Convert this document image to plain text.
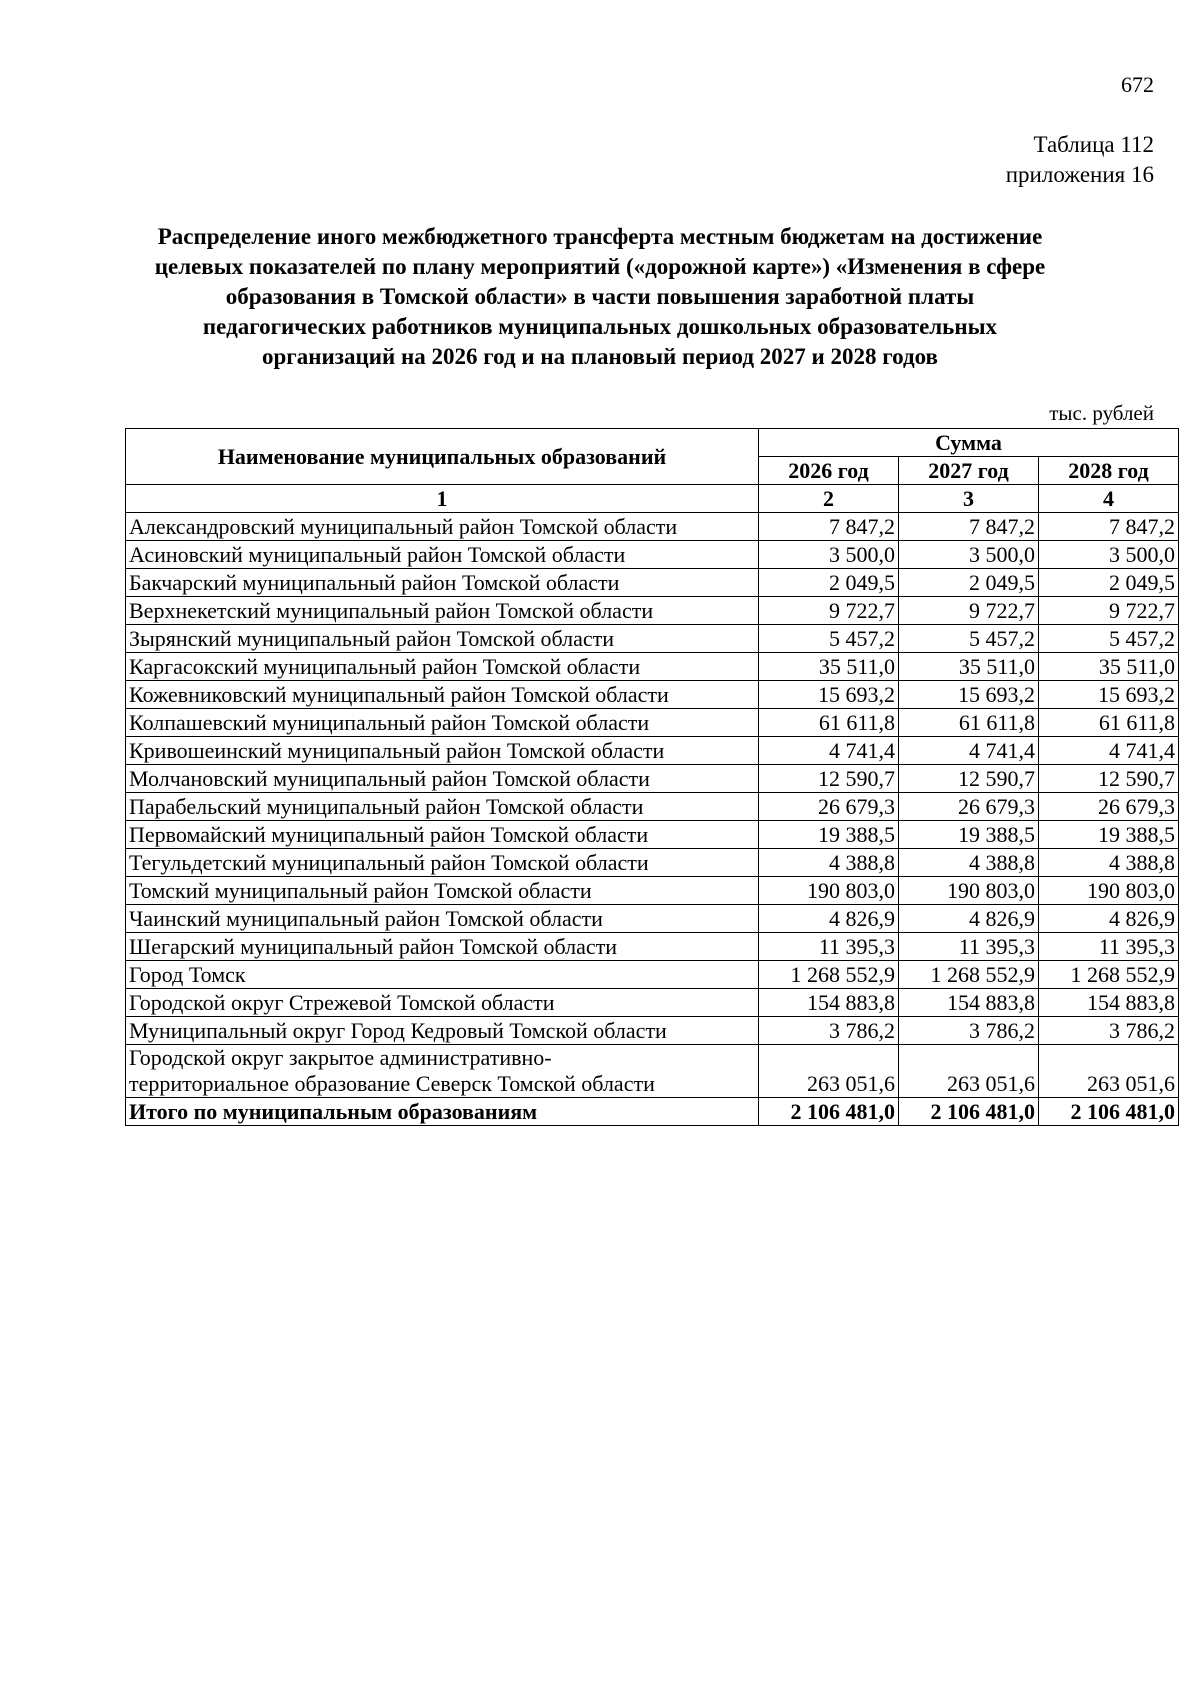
672
Таблица 112
приложения 16
Распределение иного межбюджетного трансферта местным бюджетам на достижение
целевых показателей по плану мероприятий («дорожной карте») «Изменения в сфере
образования в Томской области» в части повышения заработной платы
педагогических работников муниципальных дошкольных образовательных
организаций на 2026 год и на плановый период 2027 и 2028 годов
тыс. рублей
Наименование муниципальных образований	Сумма		
	2026 год	2027 год	2028 год
1	2	3	4
Александровский муниципальный район Томской области	7 847,2	7 847,2	7 847,2
Асиновский муниципальный район Томской области	3 500,0	3 500,0	3 500,0
Бакчарский муниципальный район Томской области	2 049,5	2 049,5	2 049,5
Верхнекетский муниципальный район Томской области	9 722,7	9 722,7	9 722,7
Зырянский муниципальный район Томской области	5 457,2	5 457,2	5 457,2
Каргасокский муниципальный район Томской области	35 511,0	35 511,0	35 511,0
Кожевниковский муниципальный район Томской области	15 693,2	15 693,2	15 693,2
Колпашевский муниципальный район Томской области	61 611,8	61 611,8	61 611,8
Кривошеинский муниципальный район Томской области	4 741,4	4 741,4	4 741,4
Молчановский муниципальный район Томской области	12 590,7	12 590,7	12 590,7
Парабельский муниципальный район Томской области	26 679,3	26 679,3	26 679,3
Первомайский муниципальный район Томской области	19 388,5	19 388,5	19 388,5
Тегульдетский муниципальный район Томской области	4 388,8	4 388,8	4 388,8
Томский муниципальный район Томской области	190 803,0	190 803,0	190 803,0
Чаинский муниципальный район Томской области	4 826,9	4 826,9	4 826,9
Шегарский муниципальный район Томской области	11 395,3	11 395,3	11 395,3
Город Томск	1 268 552,9	1 268 552,9	1 268 552,9
Городской округ Стрежевой Томской области	154 883,8	154 883,8	154 883,8
Муниципальный округ Город Кедровый Томской области	3 786,2	3 786,2	3 786,2

Городской округ закрытое административно-
территориальное образование Северск Томской области	263 051,6	263 051,6	263 051,6
Итого по муниципальным образованиям	2 106 481,0	2 106 481,0	2 106 481,0
